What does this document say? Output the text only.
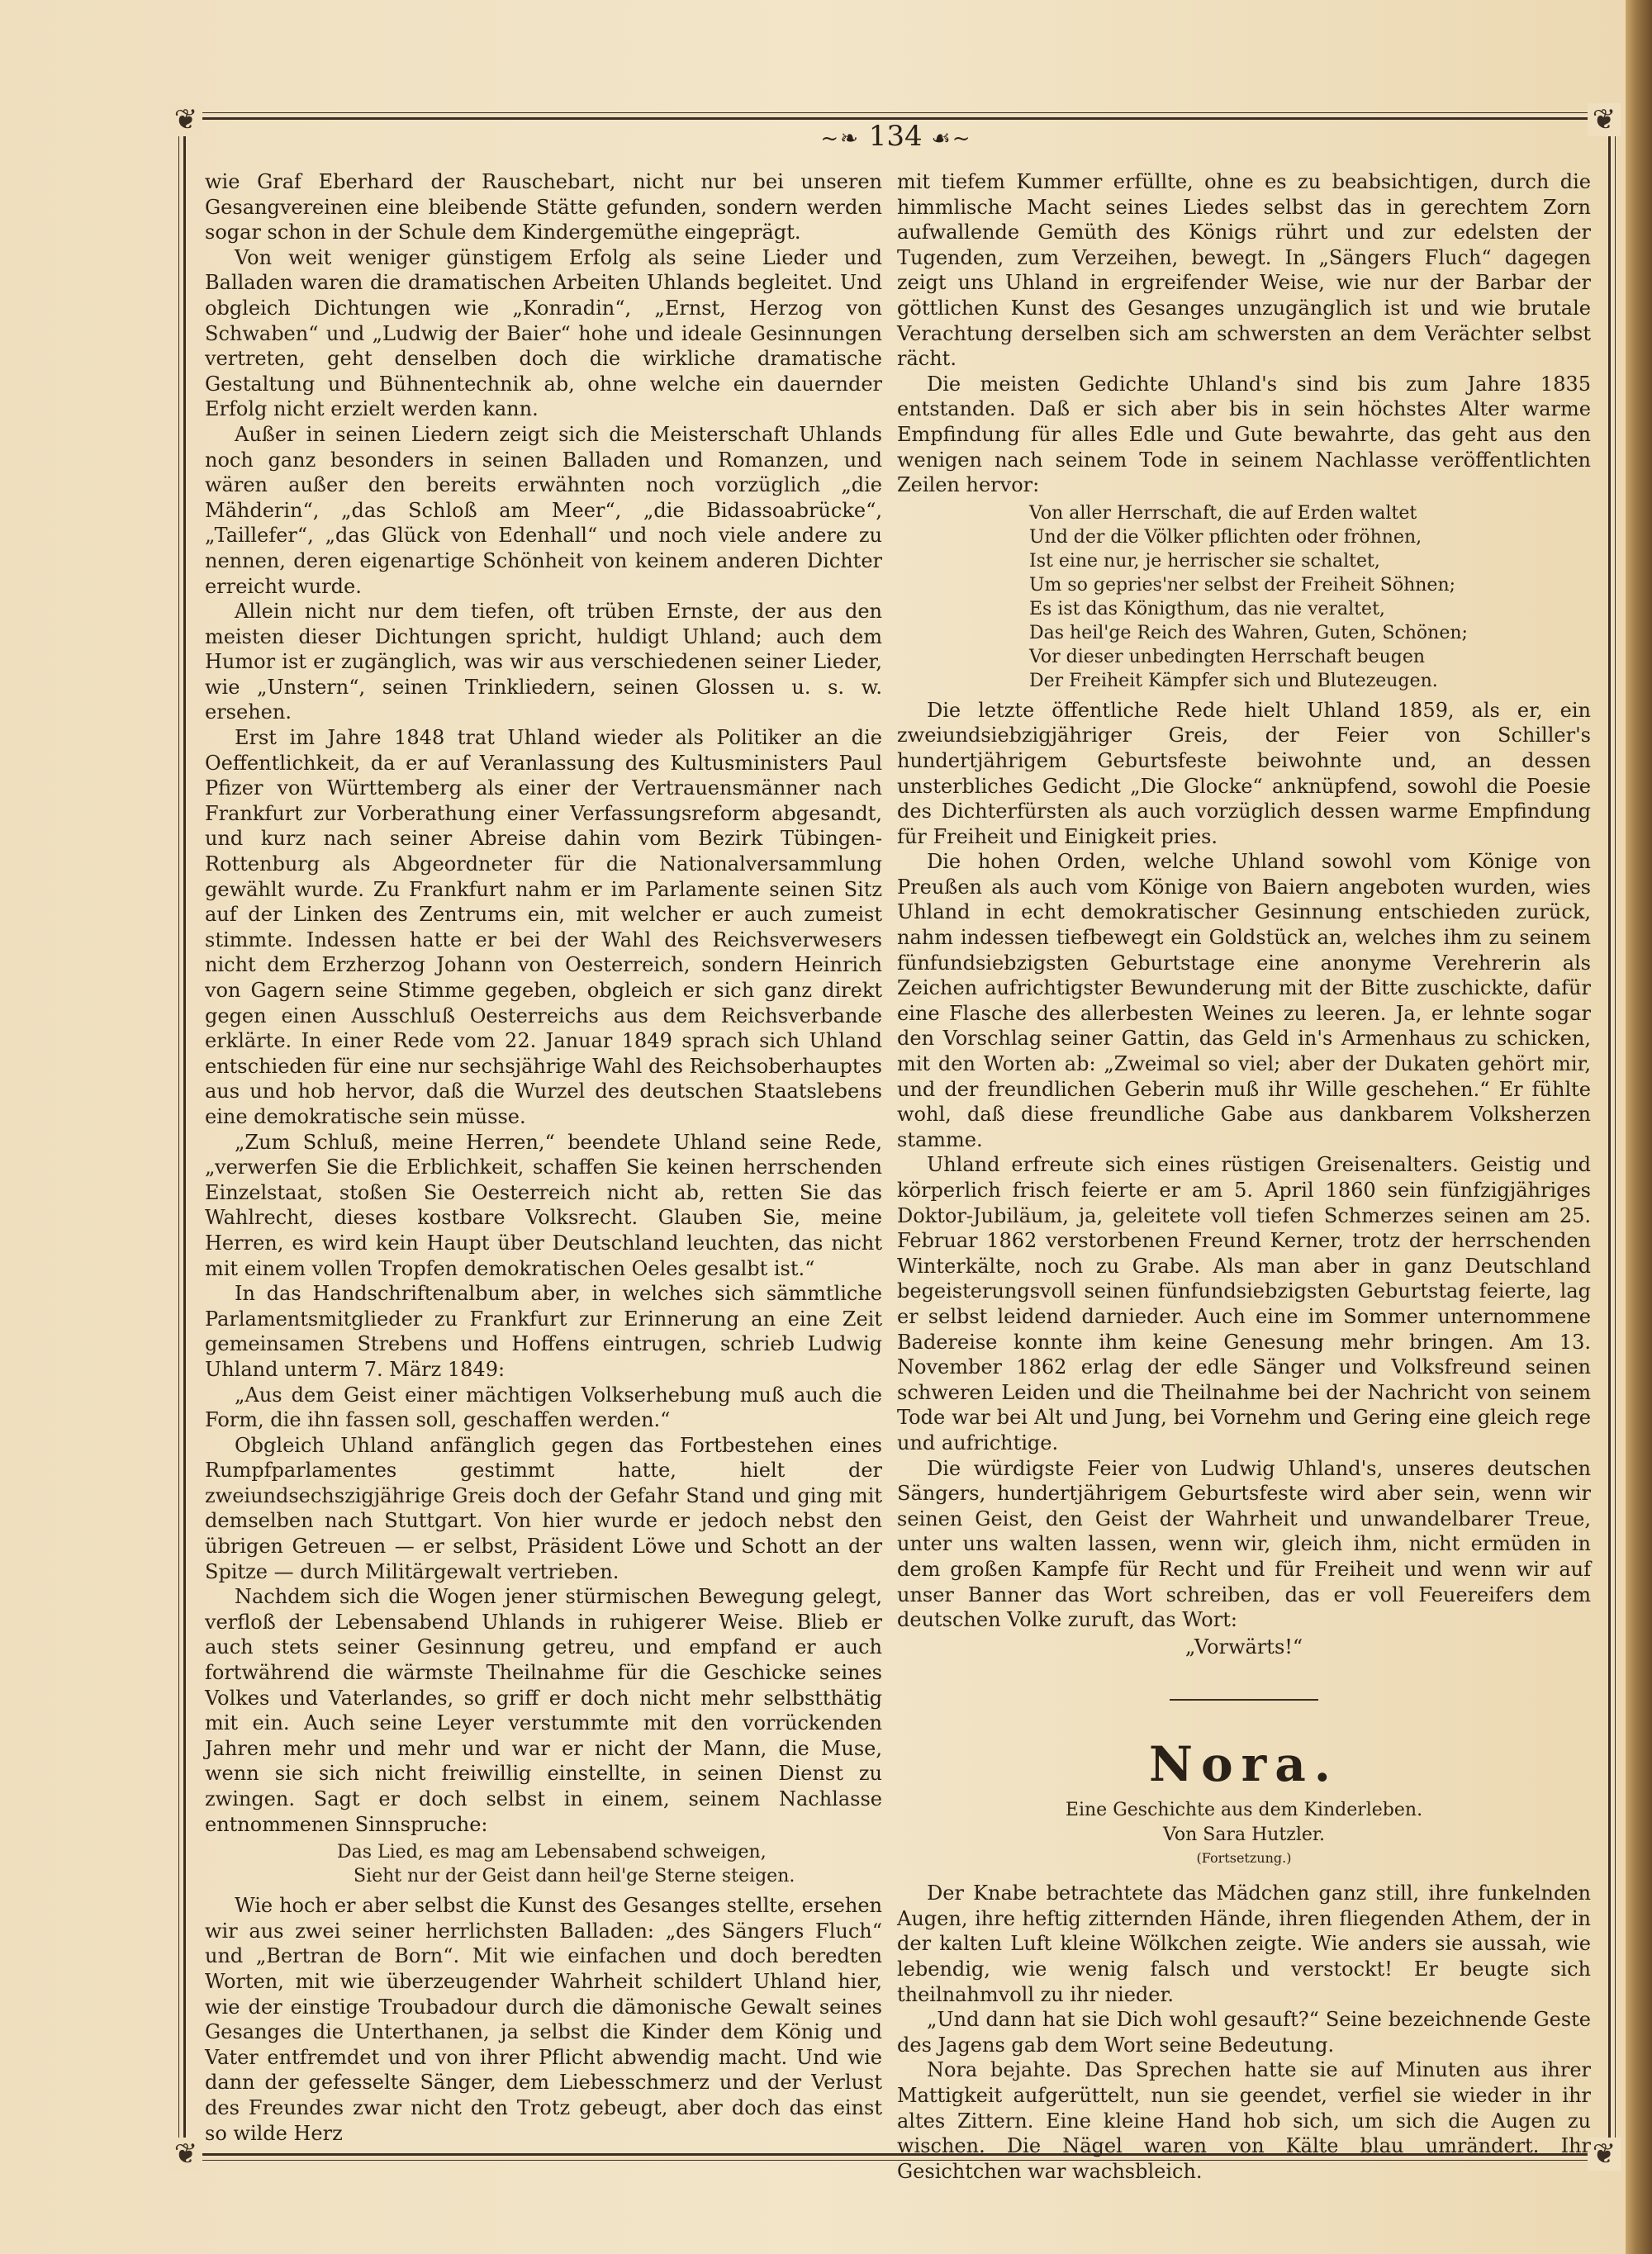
❦	❦
❦	❦
~❧ 134 ☙~

wie Graf Eberhard der Rauschebart, nicht nur bei unseren Gesangvereinen eine bleibende Stätte gefunden, sondern werden sogar schon in der Schule dem Kindergemüthe eingeprägt.

Von weit weniger günstigem Erfolg als seine Lieder und Balladen waren die dramatischen Arbeiten Uhlands begleitet. Und obgleich Dichtungen wie „Konradin“, „Ernst, Herzog von Schwaben“ und „Ludwig der Baier“ hohe und ideale Gesinnungen vertreten, geht denselben doch die wirkliche dramatische Gestaltung und Bühnentechnik ab, ohne welche ein dauernder Erfolg nicht erzielt werden kann.

Außer in seinen Liedern zeigt sich die Meisterschaft Uhlands noch ganz besonders in seinen Balladen und Romanzen, und wären außer den bereits erwähnten noch vorzüglich „die Mähderin“, „das Schloß am Meer“, „die Bidassoabrücke“, „Taillefer“, „das Glück von Edenhall“ und noch viele andere zu nennen, deren eigenartige Schönheit von keinem anderen Dichter erreicht wurde.

Allein nicht nur dem tiefen, oft trüben Ernste, der aus den meisten dieser Dichtungen spricht, huldigt Uhland; auch dem Humor ist er zugänglich, was wir aus verschiedenen seiner Lieder, wie „Unstern“, seinen Trinkliedern, seinen Glossen u. s. w. ersehen.

Erst im Jahre 1848 trat Uhland wieder als Politiker an die Oeffentlichkeit, da er auf Veranlassung des Kultusministers Paul Pfizer von Württemberg als einer der Vertrauensmänner nach Frankfurt zur Vorberathung einer Verfassungsreform abgesandt, und kurz nach seiner Abreise dahin vom Bezirk Tübingen-Rottenburg als Abgeordneter für die Nationalversammlung gewählt wurde. Zu Frankfurt nahm er im Parlamente seinen Sitz auf der Linken des Zentrums ein, mit welcher er auch zumeist stimmte. Indessen hatte er bei der Wahl des Reichsverwesers nicht dem Erzherzog Johann von Oesterreich, sondern Heinrich von Gagern seine Stimme gegeben, obgleich er sich ganz direkt gegen einen Ausschluß Oesterreichs aus dem Reichsverbande erklärte. In einer Rede vom 22. Januar 1849 sprach sich Uhland entschieden für eine nur sechsjährige Wahl des Reichsoberhauptes aus und hob hervor, daß die Wurzel des deutschen Staatslebens eine demokratische sein müsse.

„Zum Schluß, meine Herren,“ beendete Uhland seine Rede, „verwerfen Sie die Erblichkeit, schaffen Sie keinen herrschenden Einzelstaat, stoßen Sie Oesterreich nicht ab, retten Sie das Wahlrecht, dieses kostbare Volksrecht. Glauben Sie, meine Herren, es wird kein Haupt über Deutschland leuchten, das nicht mit einem vollen Tropfen demokratischen Oeles gesalbt ist.“

In das Handschriftenalbum aber, in welches sich sämmtliche Parlamentsmitglieder zu Frankfurt zur Erinnerung an eine Zeit gemeinsamen Strebens und Hoffens eintrugen, schrieb Ludwig Uhland unterm 7. März 1849:

„Aus dem Geist einer mächtigen Volkserhebung muß auch die Form, die ihn fassen soll, geschaffen werden.“

Obgleich Uhland anfänglich gegen das Fortbestehen eines Rumpfparlamentes gestimmt hatte, hielt der zweiundsechszigjährige Greis doch der Gefahr Stand und ging mit demselben nach Stuttgart. Von hier wurde er jedoch nebst den übrigen Getreuen — er selbst, Präsident Löwe und Schott an der Spitze — durch Militärgewalt vertrieben.

Nachdem sich die Wogen jener stürmischen Bewegung gelegt, verfloß der Lebensabend Uhlands in ruhigerer Weise. Blieb er auch stets seiner Gesinnung getreu, und empfand er auch fortwährend die wärmste Theilnahme für die Geschicke seines Volkes und Vaterlandes, so griff er doch nicht mehr selbstthätig mit ein. Auch seine Leyer verstummte mit den vorrückenden Jahren mehr und mehr und war er nicht der Mann, die Muse, wenn sie sich nicht freiwillig einstellte, in seinen Dienst zu zwingen. Sagt er doch selbst in einem, seinem Nachlasse entnommenen Sinnspruche:

Das Lied, es mag am Lebensabend schweigen,
Sieht nur der Geist dann heil'ge Sterne steigen.

Wie hoch er aber selbst die Kunst des Gesanges stellte, ersehen wir aus zwei seiner herrlichsten Balladen: „des Sängers Fluch“ und „Bertran de Born“. Mit wie einfachen und doch beredten Worten, mit wie überzeugender Wahrheit schildert Uhland hier, wie der einstige Troubadour durch die dämonische Gewalt seines Gesanges die Unterthanen, ja selbst die Kinder dem König und Vater entfremdet und von ihrer Pflicht abwendig macht. Und wie dann der gefesselte Sänger, dem Liebesschmerz und der Verlust des Freundes zwar nicht den Trotz gebeugt, aber doch das einst so wilde Herz

mit tiefem Kummer erfüllte, ohne es zu beabsichtigen, durch die himmlische Macht seines Liedes selbst das in gerechtem Zorn aufwallende Gemüth des Königs rührt und zur edelsten der Tugenden, zum Verzeihen, bewegt. In „Sängers Fluch“ dagegen zeigt uns Uhland in ergreifender Weise, wie nur der Barbar der göttlichen Kunst des Gesanges unzugänglich ist und wie brutale Verachtung derselben sich am schwersten an dem Verächter selbst rächt.

Die meisten Gedichte Uhland's sind bis zum Jahre 1835 entstanden. Daß er sich aber bis in sein höchstes Alter warme Empfindung für alles Edle und Gute bewahrte, das geht aus den wenigen nach seinem Tode in seinem Nachlasse veröffentlichten Zeilen hervor:

Von aller Herrschaft, die auf Erden waltet
Und der die Völker pflichten oder fröhnen,
Ist eine nur, je herrischer sie schaltet,
Um so gepries'ner selbst der Freiheit Söhnen;
Es ist das Königthum, das nie veraltet,
Das heil'ge Reich des Wahren, Guten, Schönen;
Vor dieser unbedingten Herrschaft beugen
Der Freiheit Kämpfer sich und Blutezeugen.

Die letzte öffentliche Rede hielt Uhland 1859, als er, ein zweiundsiebzigjähriger Greis, der Feier von Schiller's hundertjährigem Geburtsfeste beiwohnte und, an dessen unsterbliches Gedicht „Die Glocke“ anknüpfend, sowohl die Poesie des Dichterfürsten als auch vorzüglich dessen warme Empfindung für Freiheit und Einigkeit pries.

Die hohen Orden, welche Uhland sowohl vom Könige von Preußen als auch vom Könige von Baiern angeboten wurden, wies Uhland in echt demokratischer Gesinnung entschieden zurück, nahm indessen tiefbewegt ein Goldstück an, welches ihm zu seinem fünfundsiebzigsten Geburtstage eine anonyme Verehrerin als Zeichen aufrichtigster Bewunderung mit der Bitte zuschickte, dafür eine Flasche des allerbesten Weines zu leeren. Ja, er lehnte sogar den Vorschlag seiner Gattin, das Geld in's Armenhaus zu schicken, mit den Worten ab: „Zweimal so viel; aber der Dukaten gehört mir, und der freundlichen Geberin muß ihr Wille geschehen.“ Er fühlte wohl, daß diese freundliche Gabe aus dankbarem Volksherzen stamme.

Uhland erfreute sich eines rüstigen Greisenalters. Geistig und körperlich frisch feierte er am 5. April 1860 sein fünfzigjähriges Doktor-Jubiläum, ja, geleitete voll tiefen Schmerzes seinen am 25. Februar 1862 verstorbenen Freund Kerner, trotz der herrschenden Winterkälte, noch zu Grabe. Als man aber in ganz Deutschland begeisterungsvoll seinen fünfundsiebzigsten Geburtstag feierte, lag er selbst leidend darnieder. Auch eine im Sommer unternommene Badereise konnte ihm keine Genesung mehr bringen. Am 13. November 1862 erlag der edle Sänger und Volksfreund seinen schweren Leiden und die Theilnahme bei der Nachricht von seinem Tode war bei Alt und Jung, bei Vornehm und Gering eine gleich rege und aufrichtige.

Die würdigste Feier von Ludwig Uhland's, unseres deutschen Sängers, hundertjährigem Geburtsfeste wird aber sein, wenn wir seinen Geist, den Geist der Wahrheit und unwandelbarer Treue, unter uns walten lassen, wenn wir, gleich ihm, nicht ermüden in dem großen Kampfe für Recht und für Freiheit und wenn wir auf unser Banner das Wort schreiben, das er voll Feuereifers dem deutschen Volke zuruft, das Wort:

„Vorwärts!“
Nora.
Eine Geschichte aus dem Kinderleben.
Von Sara Hutzler.
(Fortsetzung.)

Der Knabe betrachtete das Mädchen ganz still, ihre funkelnden Augen, ihre heftig zitternden Hände, ihren fliegenden Athem, der in der kalten Luft kleine Wölkchen zeigte. Wie anders sie aussah, wie lebendig, wie wenig falsch und verstockt! Er beugte sich theilnahmvoll zu ihr nieder.

„Und dann hat sie Dich wohl gesauft?“ Seine bezeichnende Geste des Jagens gab dem Wort seine Bedeutung.

Nora bejahte. Das Sprechen hatte sie auf Minuten aus ihrer Mattigkeit aufgerüttelt, nun sie geendet, verfiel sie wieder in ihr altes Zittern. Eine kleine Hand hob sich, um sich die Augen zu wischen. Die Nägel waren von Kälte blau umrändert. Ihr Gesichtchen war wachsbleich.
